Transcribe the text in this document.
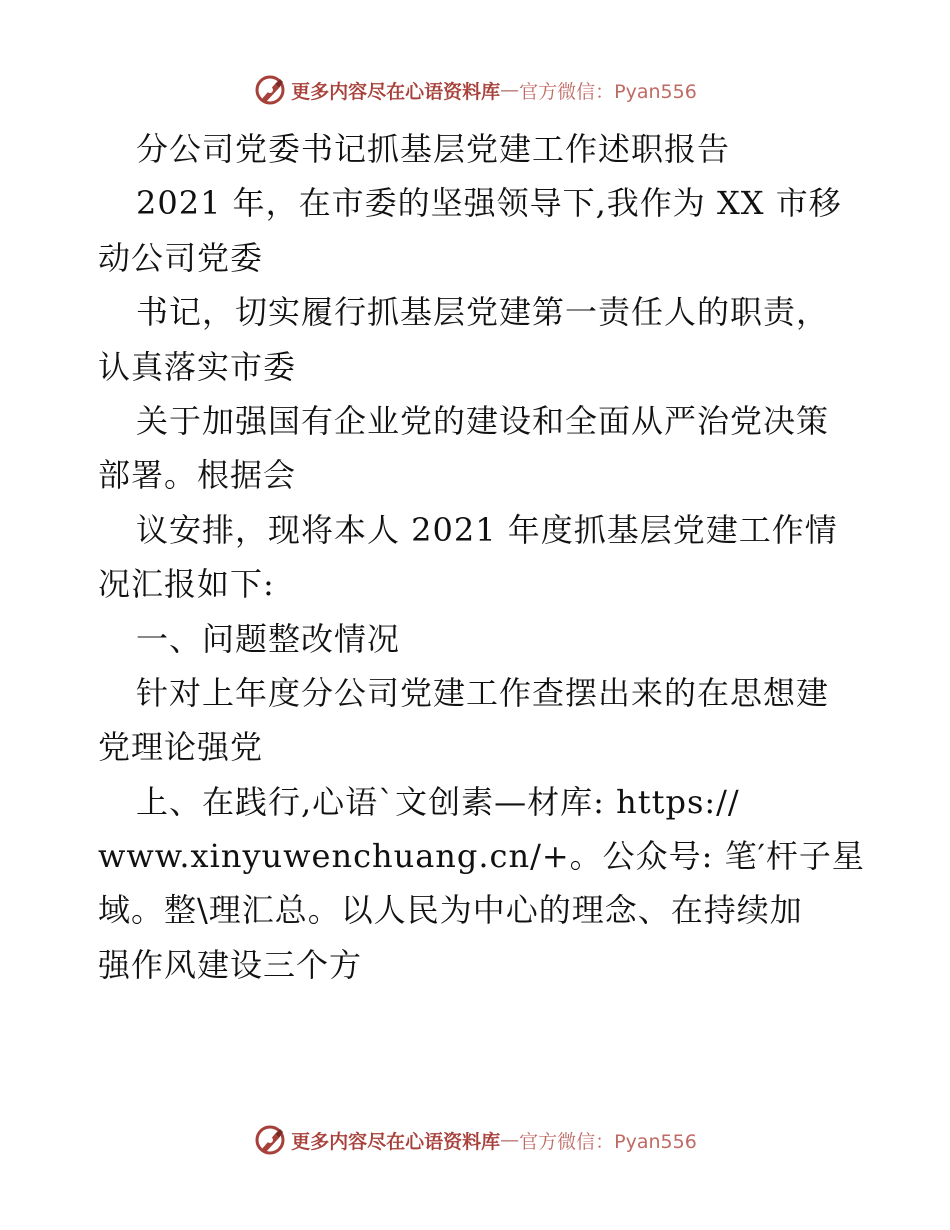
更多内容尽在心语资料库 — 官方微信：Pyan556
分公司党委书记抓基层党建工作述职报告
2021 年，在市委的坚强领导下,我作为 XX 市移
动公司党委
书记，切实履行抓基层党建第一责任人的职责，
认真落实市委
关于加强国有企业党的建设和全面从严治党决策
部署。根据会
议安排，现将本人 2021 年度抓基层党建工作情
况汇报如下:
一、问题整改情况
针对上年度分公司党建工作查摆出来的在思想建
党理论强党
上、在践行,心语`文创素—材库: https://
www.xinyuwenchuang.cn/+。公众号: 笔′杆子星
域。整\理汇总。以人民为中心的理念、在持续加
强作风建设三个方
更多内容尽在心语资料库 — 官方微信：Pyan556
